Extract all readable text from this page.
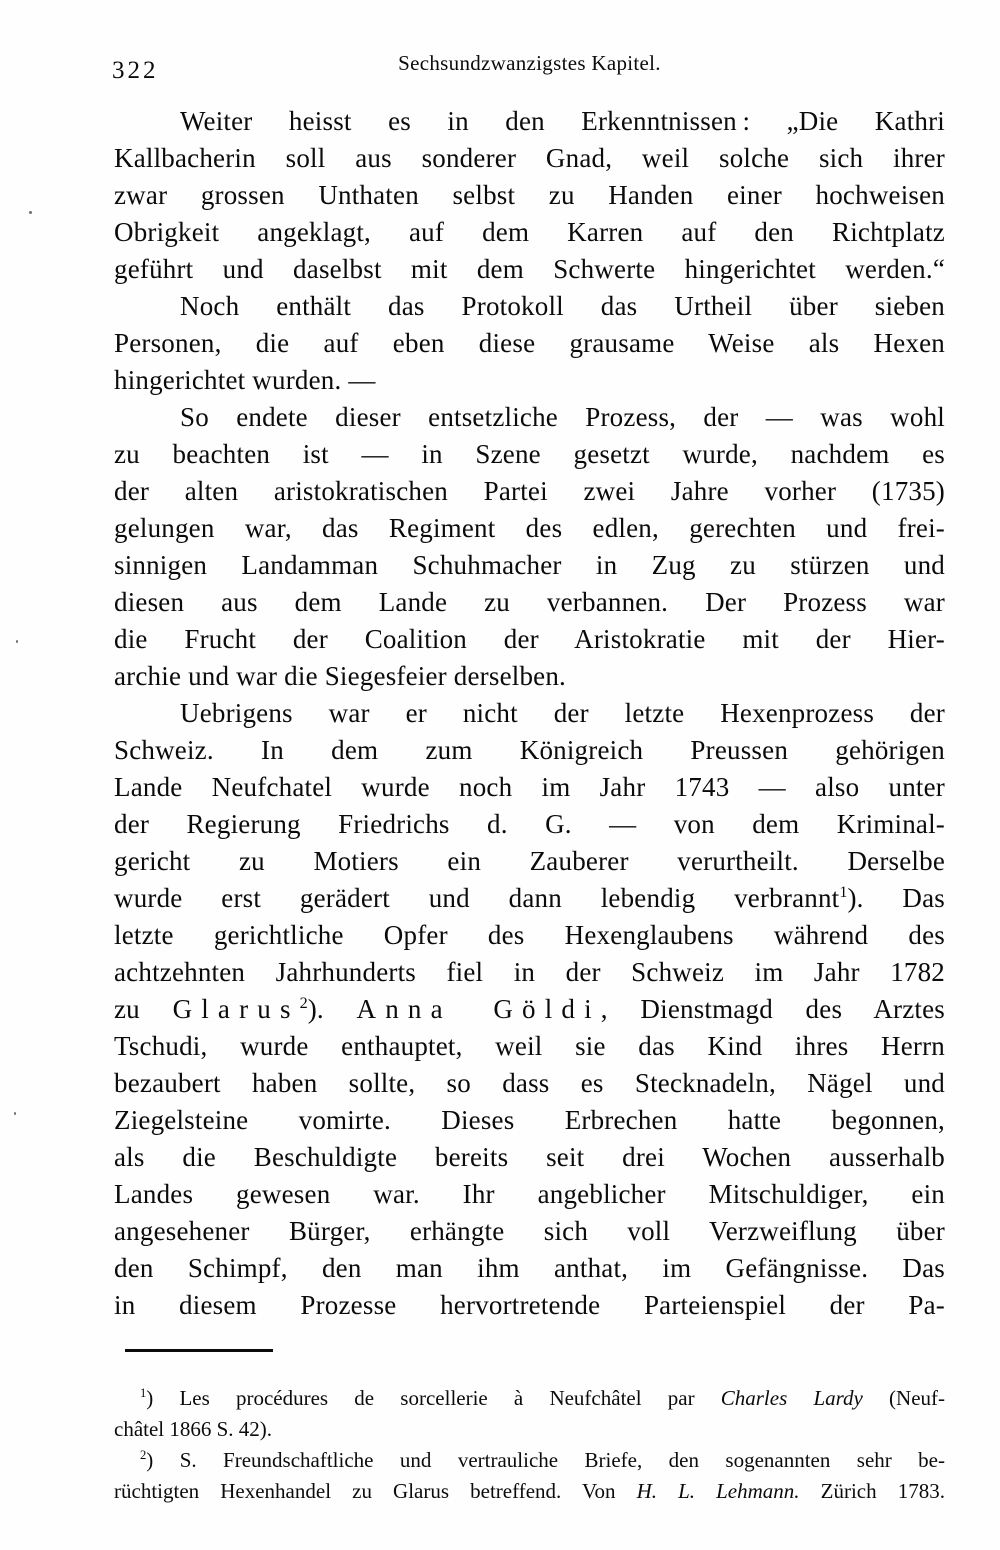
322	Sechsundzwanzigstes Kapitel.
Weiter heisst es in den Erkenntnissen : „Die Kathri
Kallbacherin soll aus sonderer Gnad, weil solche sich ihrer
zwar grossen Unthaten selbst zu Handen einer hochweisen
Obrigkeit angeklagt, auf dem Karren auf den Richtplatz
geführt und daselbst mit dem Schwerte hingerichtet werden.“
Noch enthält das Protokoll das Urtheil über sieben
Personen, die auf eben diese grausame Weise als Hexen
hingerichtet wurden. —
So endete dieser entsetzliche Prozess, der — was wohl
zu beachten ist — in Szene gesetzt wurde, nachdem es
der alten aristokratischen Partei zwei Jahre vorher (1735)
gelungen war, das Regiment des edlen, gerechten und frei-
sinnigen Landamman Schuhmacher in Zug zu stürzen und
diesen aus dem Lande zu verbannen. Der Prozess war
die Frucht der Coalition der Aristokratie mit der Hier-
archie und war die Siegesfeier derselben.
Uebrigens war er nicht der letzte Hexenprozess der
Schweiz. In dem zum Königreich Preussen gehörigen
Lande Neufchatel wurde noch im Jahr 1743 — also unter
der Regierung Friedrichs d. G. — von dem Kriminal-
gericht zu Motiers ein Zauberer verurtheilt. Derselbe
wurde erst gerädert und dann lebendig verbrannt$^1$). Das
letzte gerichtliche Opfer des Hexenglaubens während des
achtzehnten Jahrhunderts fiel in der Schweiz im Jahr 1782
zu Glarus$^2$). Anna Göldi, Dienstmagd des Arztes
Tschudi, wurde enthauptet, weil sie das Kind ihres Herrn
bezaubert haben sollte, so dass es Stecknadeln, Nägel und
Ziegelsteine vomirte. Dieses Erbrechen hatte begonnen,
als die Beschuldigte bereits seit drei Wochen ausserhalb
Landes gewesen war. Ihr angeblicher Mitschuldiger, ein
angesehener Bürger, erhängte sich voll Verzweiflung über
den Schimpf, den man ihm anthat, im Gefängnisse. Das
in diesem Prozesse hervortretende Parteienspiel der Pa-
$^1$) Les procédures de sorcellerie à Neufchâtel par Charles Lardy (Neuf-
châtel 1866 S. 42).
$^2$) S. Freundschaftliche und vertrauliche Briefe, den sogenannten sehr be-
rüchtigten Hexenhandel zu Glarus betreffend. Von H. L. Lehmann. Zürich 1783.
